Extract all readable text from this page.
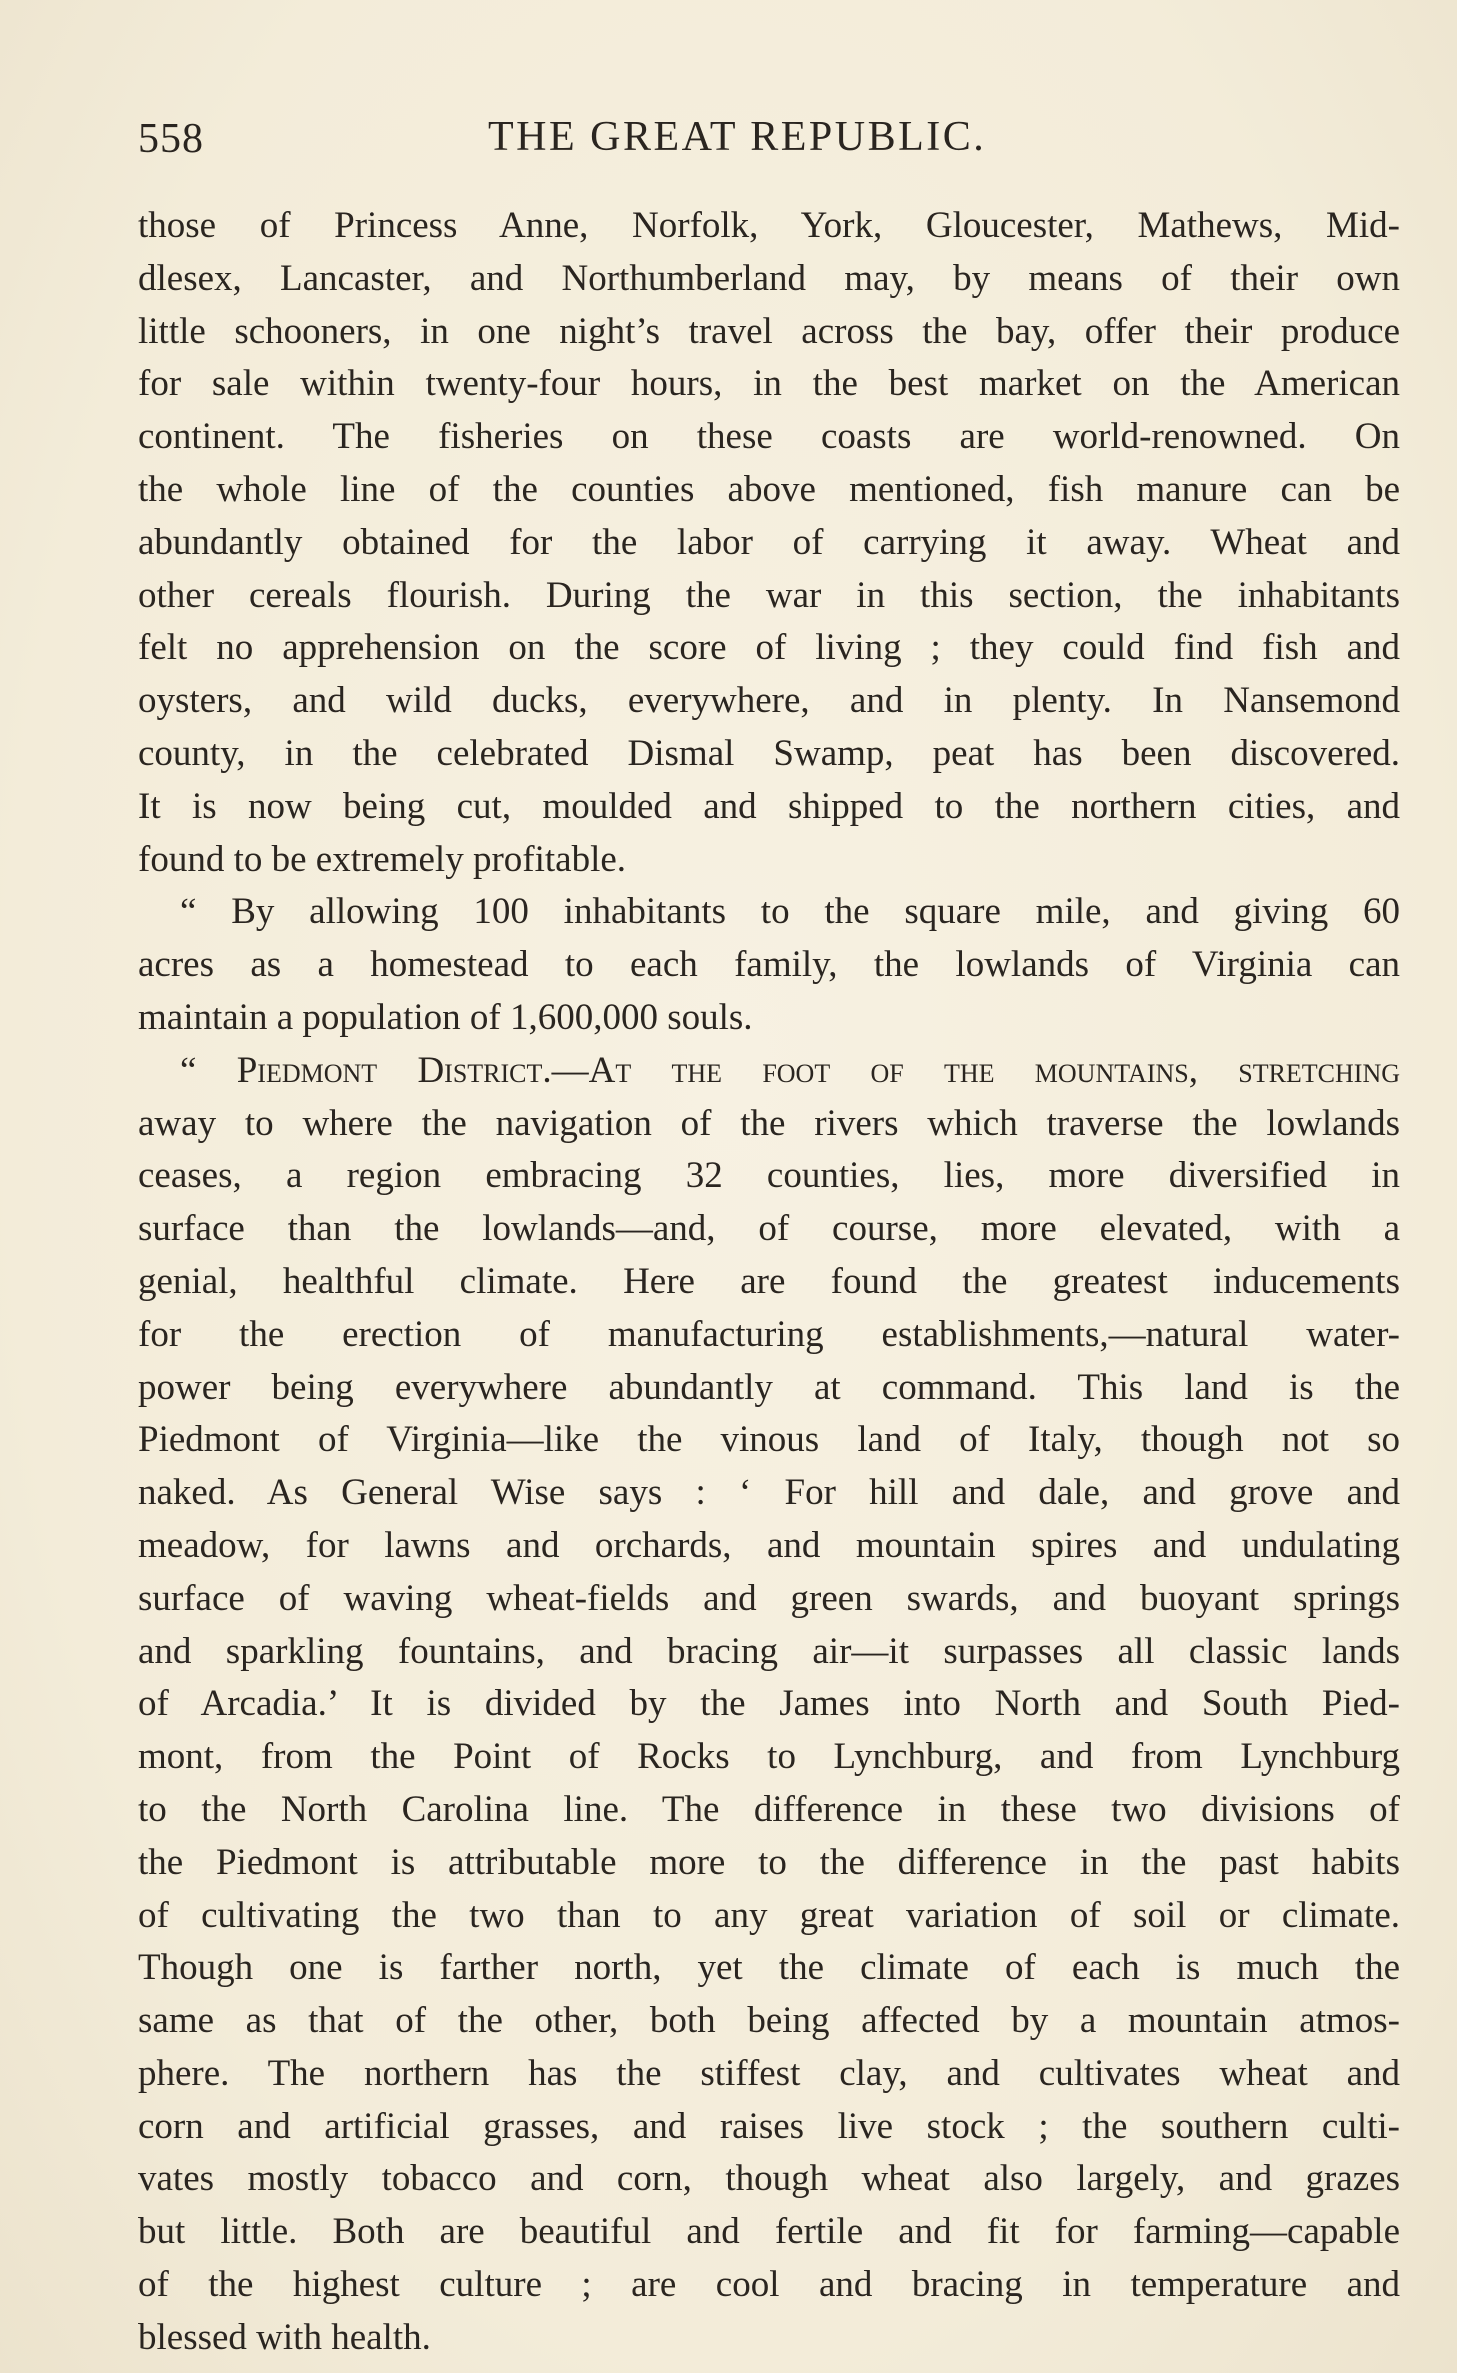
558	THE GREAT REPUBLIC.
those of Princess Anne, Norfolk, York, Gloucester, Mathews, Mid-
dlesex, Lancaster, and Northumberland may, by means of their own
little schooners, in one night’s travel across the bay, offer their produce
for sale within twenty-four hours, in the best market on the American
continent. The fisheries on these coasts are world-renowned. On
the whole line of the counties above mentioned, fish manure can be
abundantly obtained for the labor of carrying it away. Wheat and
other cereals flourish. During the war in this section, the inhabitants
felt no apprehension on the score of living ; they could find fish and
oysters, and wild ducks, everywhere, and in plenty. In Nansemond
county, in the celebrated Dismal Swamp, peat has been discovered.
It is now being cut, moulded and shipped to the northern cities, and
found to be extremely profitable.
“ By allowing 100 inhabitants to the square mile, and giving 60
acres as a homestead to each family, the lowlands of Virginia can
maintain a population of 1,600,000 souls.
“ Piedmont District.—At the foot of the mountains, stretching
away to where the navigation of the rivers which traverse the lowlands
ceases, a region embracing 32 counties, lies, more diversified in
surface than the lowlands—and, of course, more elevated, with a
genial, healthful climate. Here are found the greatest inducements
for the erection of manufacturing establishments,—natural water-
power being everywhere abundantly at command. This land is the
Piedmont of Virginia—like the vinous land of Italy, though not so
naked. As General Wise says : ‘ For hill and dale, and grove and
meadow, for lawns and orchards, and mountain spires and undulating
surface of waving wheat-fields and green swards, and buoyant springs
and sparkling fountains, and bracing air—it surpasses all classic lands
of Arcadia.’ It is divided by the James into North and South Pied-
mont, from the Point of Rocks to Lynchburg, and from Lynchburg
to the North Carolina line. The difference in these two divisions of
the Piedmont is attributable more to the difference in the past habits
of cultivating the two than to any great variation of soil or climate.
Though one is farther north, yet the climate of each is much the
same as that of the other, both being affected by a mountain atmos-
phere. The northern has the stiffest clay, and cultivates wheat and
corn and artificial grasses, and raises live stock ; the southern culti-
vates mostly tobacco and corn, though wheat also largely, and grazes
but little. Both are beautiful and fertile and fit for farming—capable
of the highest culture ; are cool and bracing in temperature and
blessed with health.
